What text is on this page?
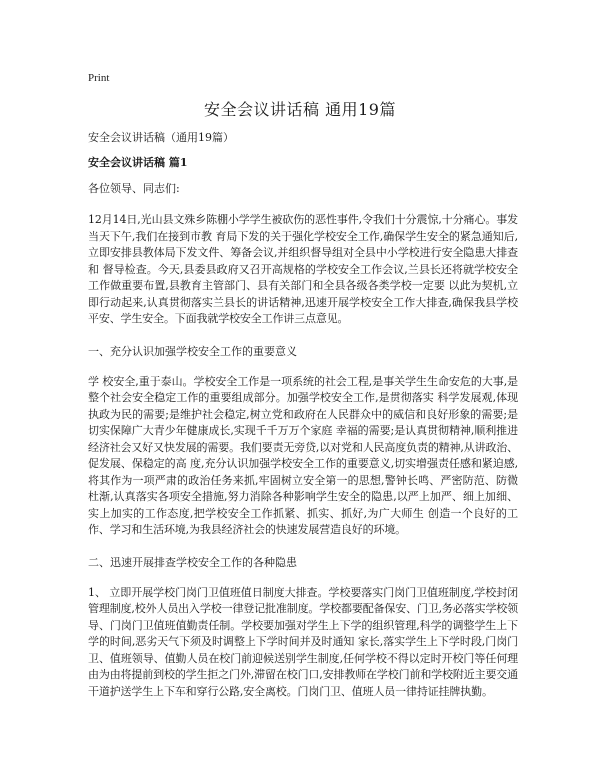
Print
安全会议讲话稿 通用19篇

安全会议讲话稿（通用19篇）

安全会议讲话稿 篇1

各位领导、同志们:

12月14日,光山县文殊乡陈棚小学学生被砍伤的恶性事件,令我们十分震惊,十分痛心。事发当天下午,我们在接到市教 育局下发的关于强化学校安全工作,确保学生安全的紧急通知后,立即安排县教体局下发文件、筹备会议,并组织督导组对全县中小学校进行安全隐患大排查和 督导检查。今天,县委县政府又召开高规格的学校安全工作会议,兰县长还将就学校安全工作做重要布置,县教育主管部门、县有关部门和全县各级各类学校一定要 以此为契机,立即行动起来,认真贯彻落实兰县长的讲话精神,迅速开展学校安全工作大排查,确保我县学校平安、学生安全。下面我就学校安全工作讲三点意见。

一、充分认识加强学校安全工作的重要意义

学 校安全,重于泰山。学校安全工作是一项系统的社会工程,是事关学生生命安危的大事,是整个社会安全稳定工作的重要组成部分。加强学校安全工作,是贯彻落实 科学发展观,体现执政为民的需要;是维护社会稳定,树立党和政府在人民群众中的威信和良好形象的需要;是切实保障广大青少年健康成长,实现千千万万个家庭 幸福的需要;是认真贯彻精神,顺利推进经济社会又好又快发展的需要。我们要责无旁贷,以对党和人民高度负责的精神,从讲政治、促发展、保稳定的高 度,充分认识加强学校安全工作的重要意义,切实增强责任感和紧迫感,将其作为一项严肃的政治任务来抓,牢固树立安全第一的思想,警钟长鸣、严密防范、防微 杜渐,认真落实各项安全措施,努力消除各种影响学生安全的隐患,以严上加严、细上加细、实上加实的工作态度,把学校安全工作抓紧、抓实、抓好,为广大师生 创造一个良好的工作、学习和生活环境,为我县经济社会的快速发展营造良好的环境。

二、迅速开展排查学校安全工作的各种隐患

1、 立即开展学校门岗门卫值班值日制度大排查。学校要落实门岗门卫值班制度,学校封闭管理制度,校外人员出入学校一律登记批准制度。学校都要配备保安、门卫,务必落实学校领导、门岗门卫值班值勤责任制。学校要加强对学生上下学的组织管理,科学的调整学生上下学的时间,恶劣天气下须及时调整上下学时间并及时通知 家长,落实学生上下学时段,门岗门卫、值班领导、值勤人员在校门前迎候送别学生制度,任何学校不得以定时开校门等任何理由为由将提前到校的学生拒之门外,滞留在校门口,安排教师在学校门前和学校附近主要交通干道护送学生上下车和穿行公路,安全离校。门岗门卫、值班人员一律持证挂牌执勤。
